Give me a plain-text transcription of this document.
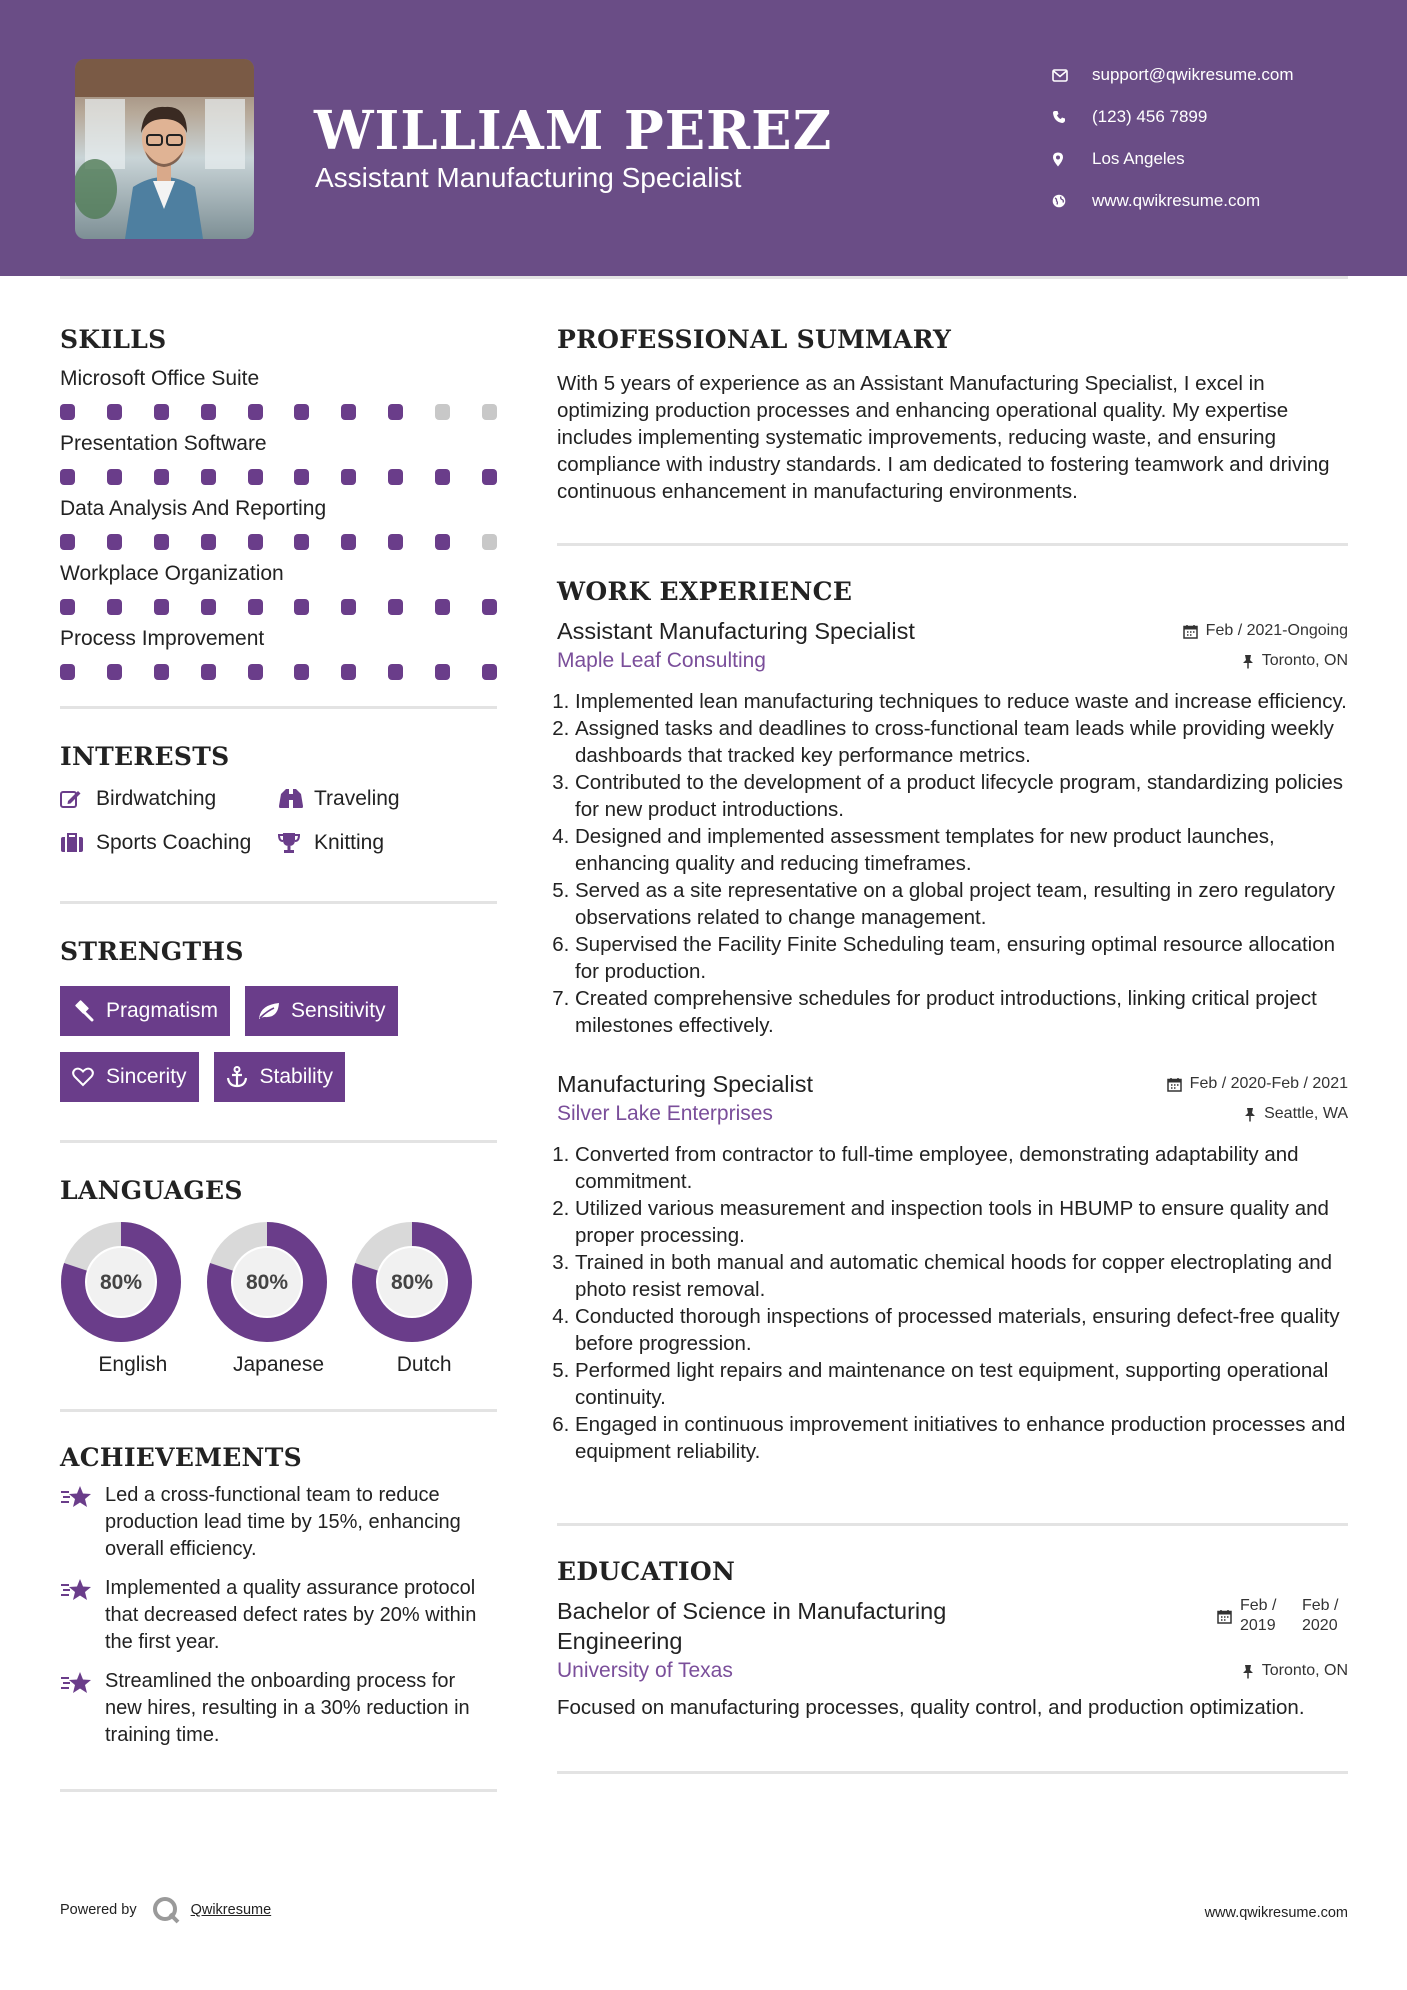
WILLIAM PEREZ

Assistant Manufacturing Specialist

support@qwikresume.com
(123) 456 7899
Los Angeles
www.qwikresume.com
SKILLS
Microsoft Office Suite
Presentation Software
Data Analysis And Reporting
Workplace Organization
Process Improvement
INTERESTS
Birdwatching	Traveling
Sports Coaching	Knitting
STRENGTHS
Pragmatism	Sensitivity
Sincerity	Stability
LANGUAGES
80%
English
80%
Japanese
80%
Dutch
ACHIEVEMENTS
Led a cross-functional team to reduce production lead time by 15%, enhancing overall efficiency.
Implemented a quality assurance protocol that decreased defect rates by 20% within the first year.
Streamlined the onboarding process for new hires, resulting in a 30% reduction in training time.
PROFESSIONAL SUMMARY

With 5 years of experience as an Assistant Manufacturing Specialist, I excel in optimizing production processes and enhancing operational quality. My expertise includes implementing systematic improvements, reducing waste, and ensuring compliance with industry standards. I am dedicated to fostering teamwork and driving continuous enhancement in manufacturing environments.

WORK EXPERIENCE
Assistant Manufacturing Specialist	Feb / 2021-Ongoing
Maple Leaf Consulting	Toronto, ON
1. Implemented lean manufacturing techniques to reduce waste and increase efficiency.
2. Assigned tasks and deadlines to cross-functional team leads while providing weekly dashboards that tracked key performance metrics.
3. Contributed to the development of a product lifecycle program, standardizing policies for new product introductions.
4. Designed and implemented assessment templates for new product launches, enhancing quality and reducing timeframes.
5. Served as a site representative on a global project team, resulting in zero regulatory observations related to change management.
6. Supervised the Facility Finite Scheduling team, ensuring optimal resource allocation for production.
7. Created comprehensive schedules for product introductions, linking critical project milestones effectively.
Manufacturing Specialist	Feb / 2020-Feb / 2021
Silver Lake Enterprises	Seattle, WA
1. Converted from contractor to full-time employee, demonstrating adaptability and commitment.
2. Utilized various measurement and inspection tools in HBUMP to ensure quality and proper processing.
3. Trained in both manual and automatic chemical hoods for copper electroplating and photo resist removal.
4. Conducted thorough inspections of processed materials, ensuring defect-free quality before progression.
5. Performed light repairs and maintenance on test equipment, supporting operational continuity.
6. Engaged in continuous improvement initiatives to enhance production processes and equipment reliability.
EDUCATION
Bachelor of Science in Manufacturing Engineering
Feb / 2019
Feb / 2020
University of Texas	Toronto, ON

Focused on manufacturing processes, quality control, and production optimization.

Powered by	Qwikresume	www.qwikresume.com
